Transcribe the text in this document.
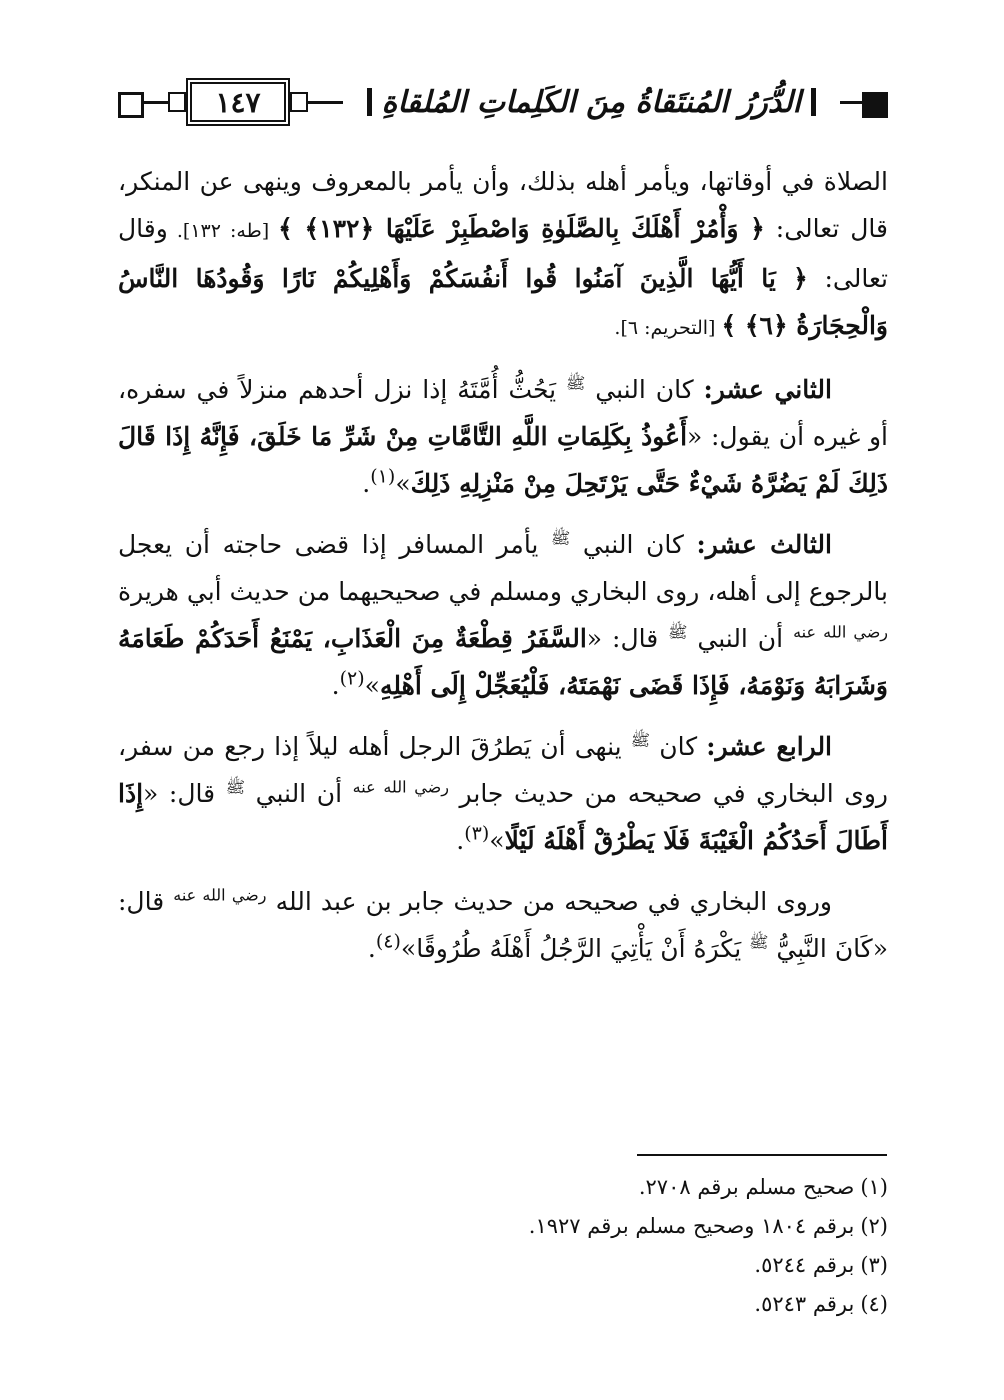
الدُّرَرُ المُنتَقاةُ مِنَ الكَلِماتِ المُلقاةِ
١٤٧

الصلاة في أوقاتها، ويأمر أهله بذلك، وأن يأمر بالمعروف وينهى عن المنكر، قال تعالى: ﴿ وَأْمُرْ أَهْلَكَ بِالصَّلَوٰةِ وَاصْطَبِرْ عَلَيْهَا ﴿١٣٢﴾ ﴾ [طه: ١٣٢]. وقال تعالى: ﴿ يَا أَيُّهَا الَّذِينَ آمَنُوا قُوا أَنفُسَكُمْ وَأَهْلِيكُمْ نَارًا وَقُودُهَا النَّاسُ وَالْحِجَارَةُ ﴿٦﴾ ﴾ [التحريم: ٦].

الثاني عشر: كان النبي $^ﷺ$ يَحُثُّ أُمَّتَهُ إذا نزل أحدهم منزلاً في سفره، أو غيره أن يقول: «أَعُوذُ بِكَلِمَاتِ اللَّهِ التَّامَّاتِ مِنْ شَرِّ مَا خَلَقَ، فَإِنَّهُ إِذَا قَالَ ذَلِكَ لَمْ يَضُرَّهُ شَيْءٌ حَتَّى يَرْتَحِلَ مِنْ مَنْزِلِهِ ذَلِكَ»$^{(١)}$.

الثالث عشر: كان النبي $^ﷺ$ يأمر المسافر إذا قضى حاجته أن يعجل بالرجوع إلى أهله، روى البخاري ومسلم في صحيحيهما من حديث أبي هريرة $^{رضي الله عنه}$ أن النبي $^ﷺ$ قال: «السَّفَرُ قِطْعَةٌ مِنَ الْعَذَابِ، يَمْنَعُ أَحَدَكُمْ طَعَامَهُ وَشَرَابَهُ وَنَوْمَهُ، فَإِذَا قَضَى نَهْمَتَهُ، فَلْيُعَجِّلْ إِلَى أَهْلِهِ»$^{(٢)}$.

الرابع عشر: كان $^ﷺ$ ينهى أن يَطرُقَ الرجل أهله ليلاً إذا رجع من سفر، روى البخاري في صحيحه من حديث جابر $^{رضي الله عنه}$ أن النبي $^ﷺ$ قال: «إِذَا أَطَالَ أَحَدُكُمُ الْغَيْبَةَ فَلَا يَطْرُقْ أَهْلَهُ لَيْلًا»$^{(٣)}$.

وروى البخاري في صحيحه من حديث جابر بن عبد الله $^{رضي الله عنه}$ قال: «كَانَ النَّبِيُّ $^ﷺ$ يَكْرَهُ أَنْ يَأْتِيَ الرَّجُلُ أَهْلَهُ طُرُوقًا»$^{(٤)}$.

(١)صحيح مسلم برقم ٢٧٠٨.
(٢)برقم ١٨٠٤ وصحيح مسلم برقم ١٩٢٧.
(٣)برقم ٥٢٤٤.
(٤)برقم ٥٢٤٣.
